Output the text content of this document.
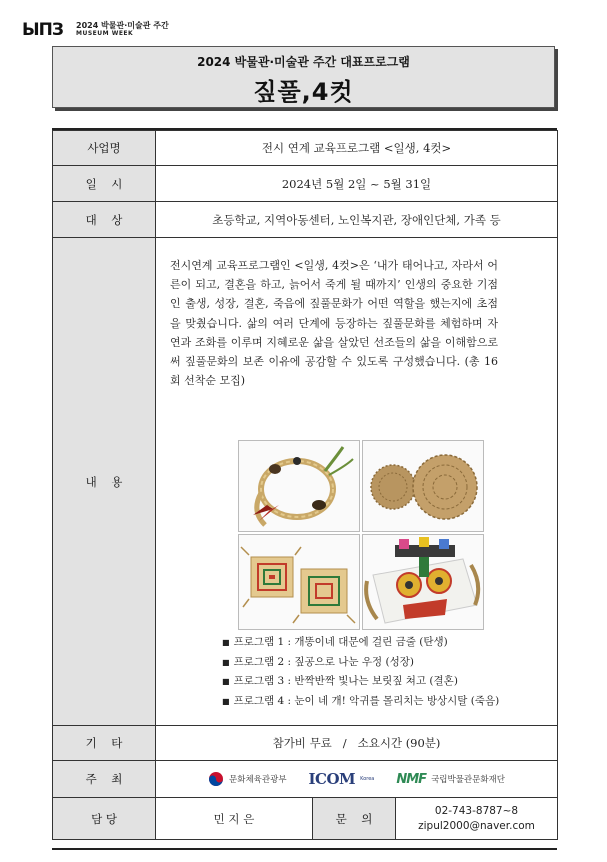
ЫПЗ 2024 박물관·미술관 주간
MUSEUM WEEK
2024 박물관·미술관 주간 대표프로그램
짚풀,4컷
사업명	전시 연계 교육프로그램 <일생, 4컷>		
일    시	2024년 5월 2일 ~ 5월 31일		
대    상	초등학교, 지역아동센터, 노인복지관, 장애인단체, 가족 등		
내    용	전시연계 교육프로그램인 <일생, 4컷>은 ‘내가 태어나고, 자라서 어른이 되고, 결혼을 하고, 늙어서 죽게 될 때까지’ 인생의 중요한 기점인 출생, 성장, 결혼, 죽음에 짚풀문화가 어떤 역할을 했는지에 초점을 맞췄습니다. 삶의 여러 단계에 등장하는 짚풀문화를 체험하며 자연과 조화를 이루며 지혜로운 삶을 살았던 선조들의 삶을 이해함으로써 짚풀문화의 보존 이유에 공감할 수 있도록 구성했습니다. (총 16회 선착순 모집)
■ 프로그램 1 : 개똥이네 대문에 걸린 금줄 (탄생)
■ 프로그램 2 : 짚공으로 나눈 우정 (성장)
■ 프로그램 3 : 반짝반짝 빛나는 보릿짚 쳐고 (결혼)
■ 프로그램 4 : 눈이 네 개! 악귀를 몰리치는 방상시탈 (죽음)		

기    타	참가비 무료   /   소요시간 (90분)		
주    최	문화체육관광부 ICOM Korea NMF 국립박물관문화재단		

담 당	민 지 은	문    의	02-743-8787~8
zipul2000@naver.com
